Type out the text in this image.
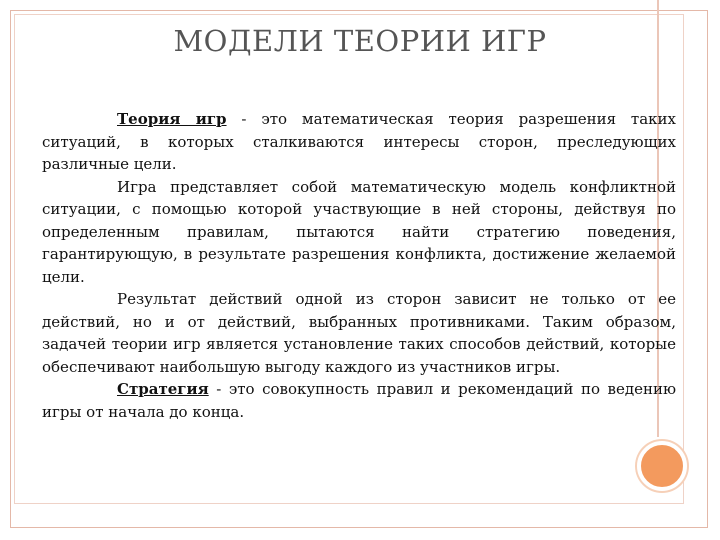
МОДЕЛИ ТЕОРИИ ИГР

Теория игр - это математическая теория разрешения таких ситуаций, в которых сталкиваются интересы сторон, преследующих различные цели.

Игра представляет собой математическую модель конфликтной ситуации, с помощью которой участвующие в ней стороны, действуя по определенным правилам, пытаются найти стратегию поведения, гарантирующую, в результате разрешения конфликта, достижение желаемой цели.

Результат действий одной из сторон зависит не только от ее действий, но и от действий, выбранных противниками. Таким образом, задачей теории игр является установление таких способов действий, которые обеспечивают наибольшую выгоду каждого из участников игры.

Стратегия - это совокупность правил и рекомендаций по ведению игры от начала до конца.
